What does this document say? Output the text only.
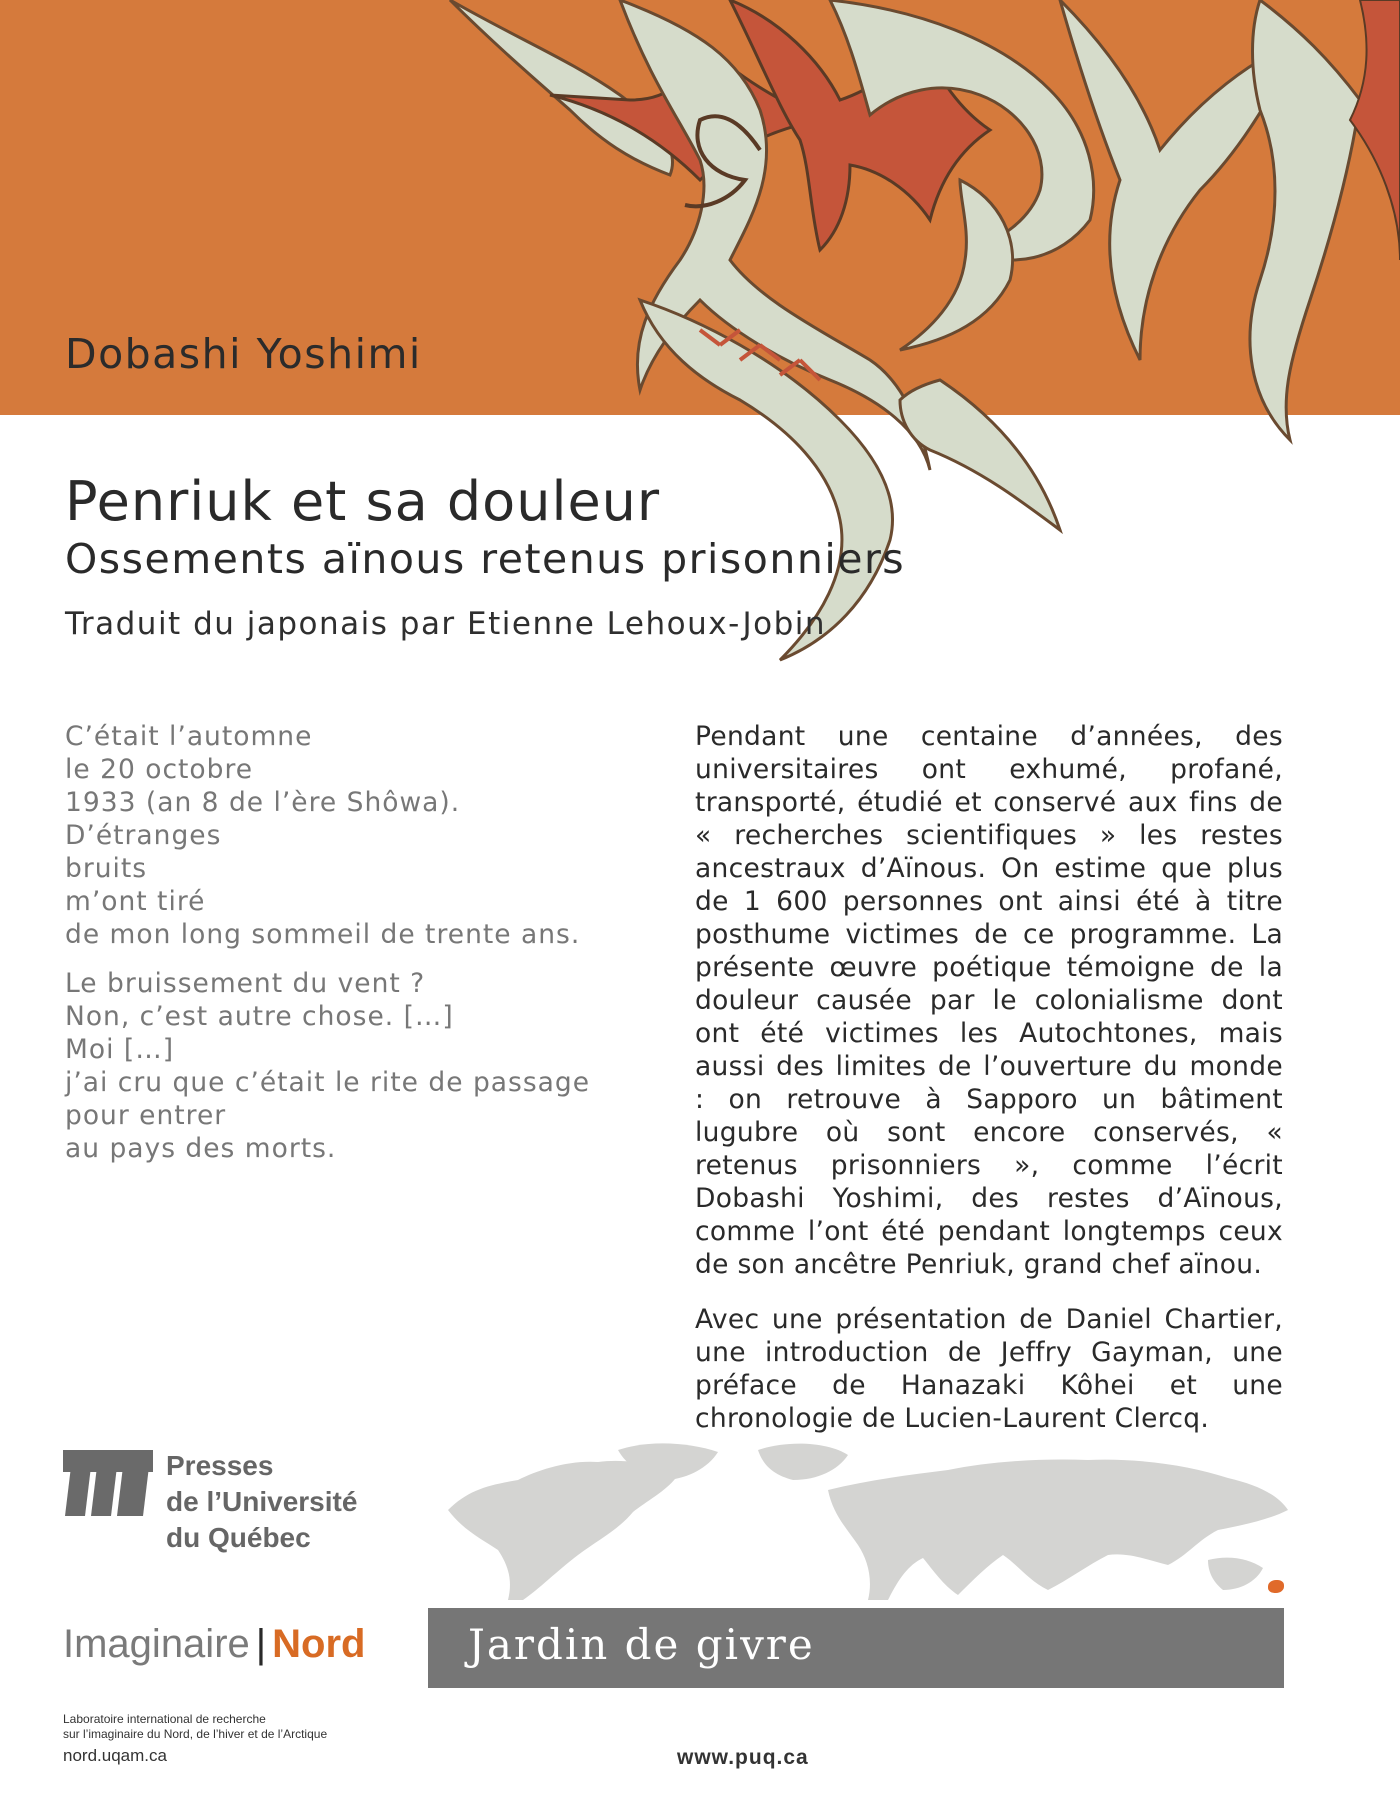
Dobashi Yoshimi
Penriuk et sa douleur
Ossements aïnous retenus prisonniers
Traduit du japonais par Etienne Lehoux-Jobin
C’était l’automne
le 20 octobre
1933 (an 8 de l’ère Shôwa).
D’étranges
bruits
m’ont tiré
de mon long sommeil de trente ans.
Le bruissement du vent ?
Non, c’est autre chose. […]
Moi […]
j’ai cru que c’était le rite de passage
pour entrer
au pays des morts.

Pendant une centaine d’années, des universitaires ont exhumé, profané, transporté, étudié et conservé aux fins de « recherches scientifiques » les restes ancestraux d’Aïnous. On estime que plus de 1 600 personnes ont ainsi été à titre posthume victimes de ce programme. La présente œuvre poétique témoigne de la douleur causée par le colonialisme dont ont été victimes les Autochtones, mais aussi des limites de l’ouverture du monde : on retrouve à Sapporo un bâtiment lugubre où sont encore conservés, « retenus prisonniers », comme l’écrit Dobashi Yoshimi, des restes d’Aïnous, comme l’ont été pendant longtemps ceux de son ancêtre Penriuk, grand chef aïnou.

Avec une présentation de Daniel Chartier, une introduction de Jeffry Gayman, une préface de Hanazaki Kôhei et une chronologie de Lucien-Laurent Clercq.

Presses
de l’Université
du Québec
Imaginaire | Nord Jardin de givre
Laboratoire international de recherche
sur l’imaginaire du Nord, de l’hiver et de l’Arctique
nord.uqam.ca	www.puq.ca
